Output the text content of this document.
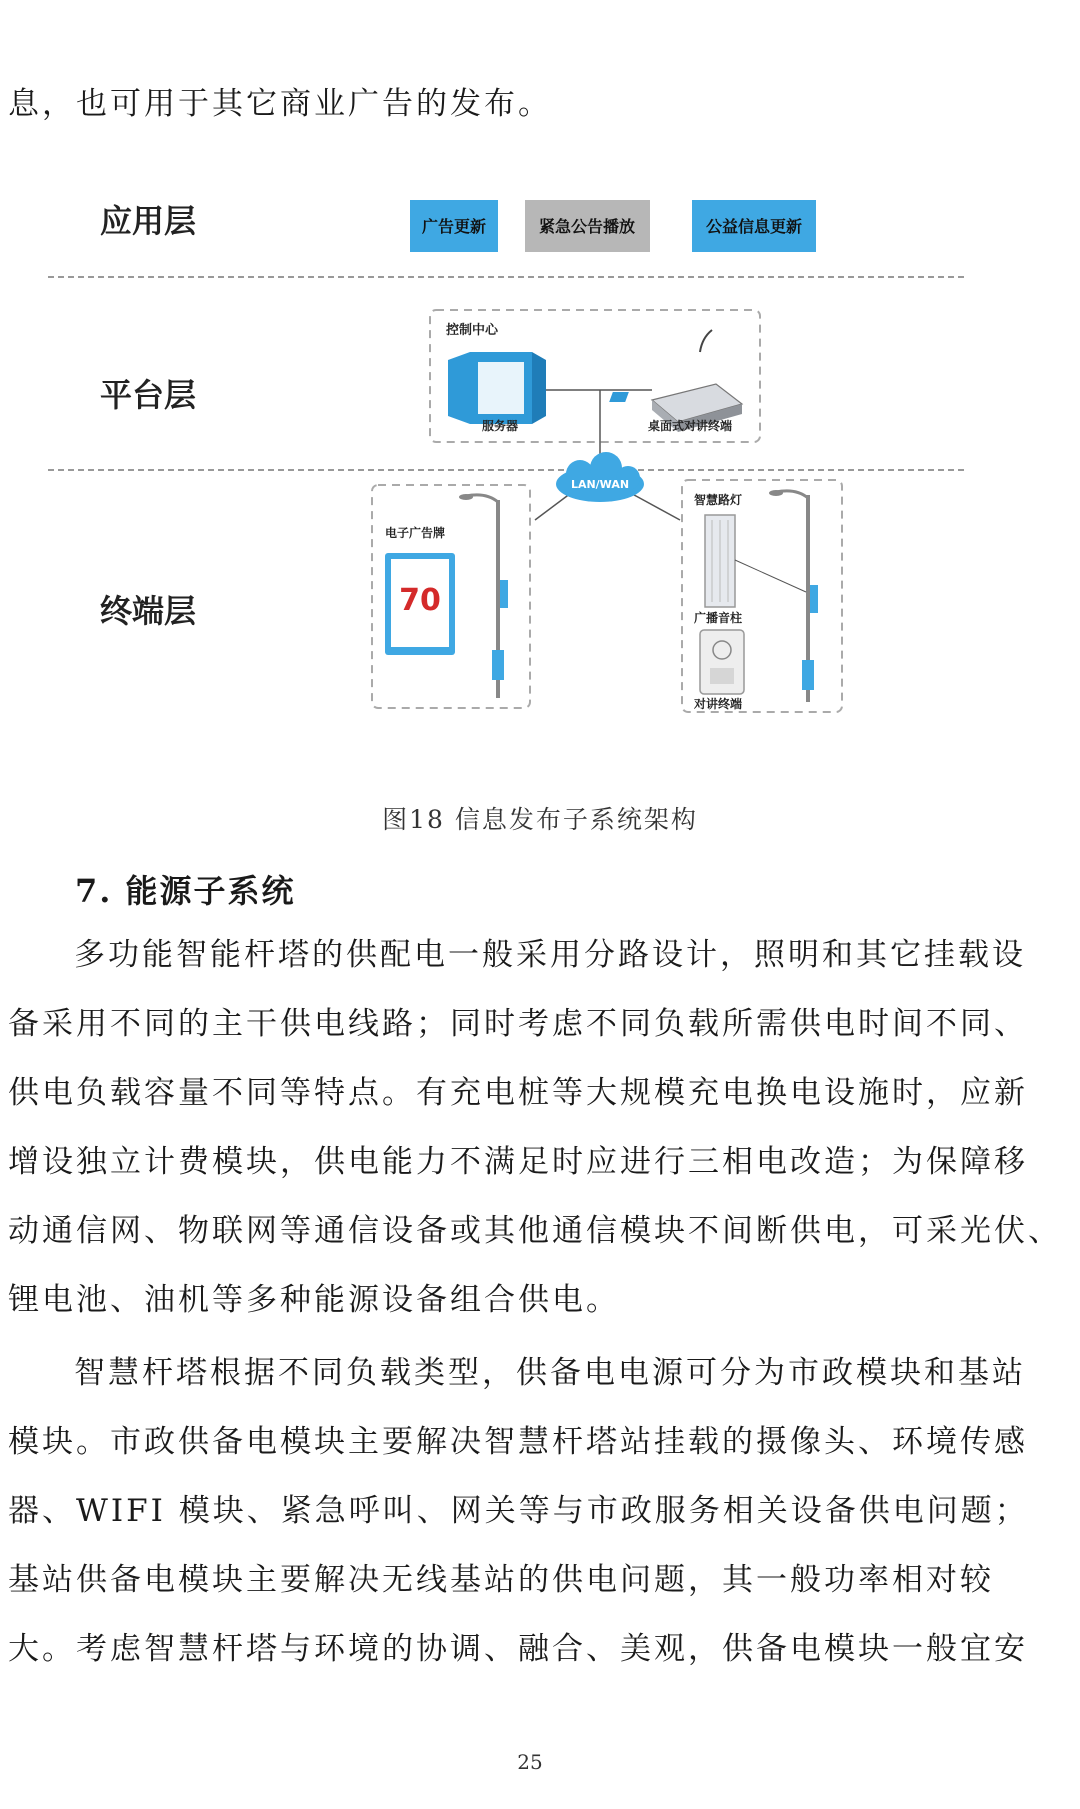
息，也可用于其它商业广告的发布。
应用层
平台层
终端层
广告更新	紧急公告播放	公益信息更新
控制中心
服务器	桌面式对讲终端
LAN/WAN
电子广告牌
70
智慧路灯
广播音柱
对讲终端
图18 信息发布子系统架构
7. 能源子系统
多功能智能杆塔的供配电一般采用分路设计，照明和其它挂载设
备采用不同的主干供电线路；同时考虑不同负载所需供电时间不同、
供电负载容量不同等特点。有充电桩等大规模充电换电设施时，应新
增设独立计费模块，供电能力不满足时应进行三相电改造；为保障移
动通信网、物联网等通信设备或其他通信模块不间断供电，可采光伏、
锂电池、油机等多种能源设备组合供电。
智慧杆塔根据不同负载类型，供备电电源可分为市政模块和基站
模块。市政供备电模块主要解决智慧杆塔站挂载的摄像头、环境传感
器、WIFI 模块、紧急呼叫、网关等与市政服务相关设备供电问题；
基站供备电模块主要解决无线基站的供电问题，其一般功率相对较
大。考虑智慧杆塔与环境的协调、融合、美观，供备电模块一般宜安
25
